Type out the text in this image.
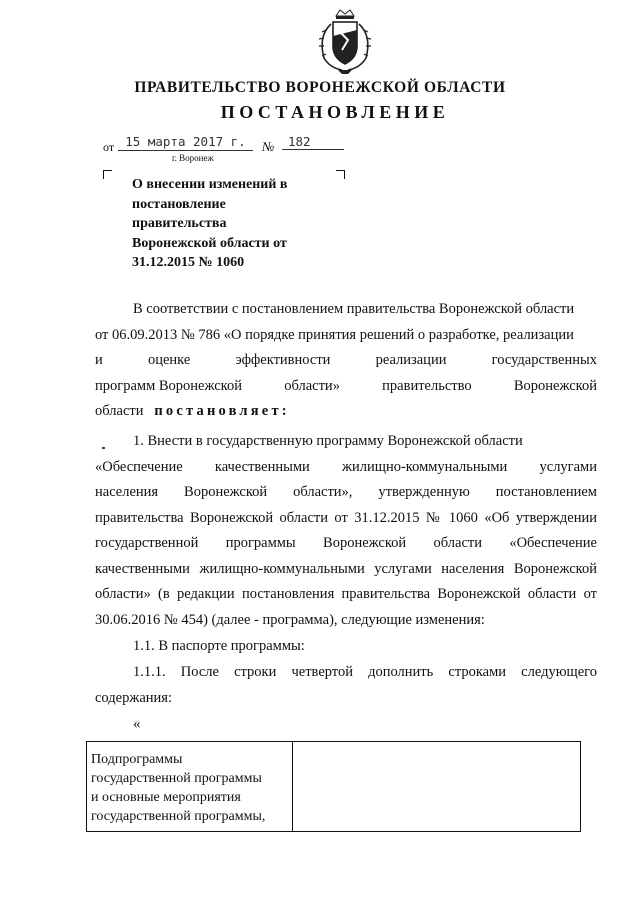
ПРАВИТЕЛЬСТВО ВОРОНЕЖСКОЙ ОБЛАСТИ
ПОСТАНОВЛЕНИЕ
от 15 марта 2017 г.	№	182
г. Воронеж
О внесении изменений в
постановление
правительства
Воронежской области от
31.12.2015 № 1060
В соответствии с постановлением правительства Воронежской области
от 06.09.2013 № 786 «О порядке принятия решений о разработке, реализации
и	оценке	эффективности	реализации	государственных
программ Воронежской	области»	правительство	Воронежской
области постановляет:
1. Внести в государственную программу Воронежской области
«Обеспечение качественными жилищно-коммунальными услугами
населения Воронежской области», утвержденную постановлением
правительства Воронежской области от 31.12.2015 № 1060 «Об утверждении
государственной программы Воронежской области «Обеспечение
качественными жилищно-коммунальными услугами населения Воронежской
области» (в редакции постановления правительства Воронежской области от
30.06.2016 № 454) (далее - программа), следующие изменения:
1.1. В паспорте программы:
1.1.1. После строки четвертой дополнить строками следующего
содержания:
«
Подпрограммы
государственной программы
и основные мероприятия
государственной программы,
